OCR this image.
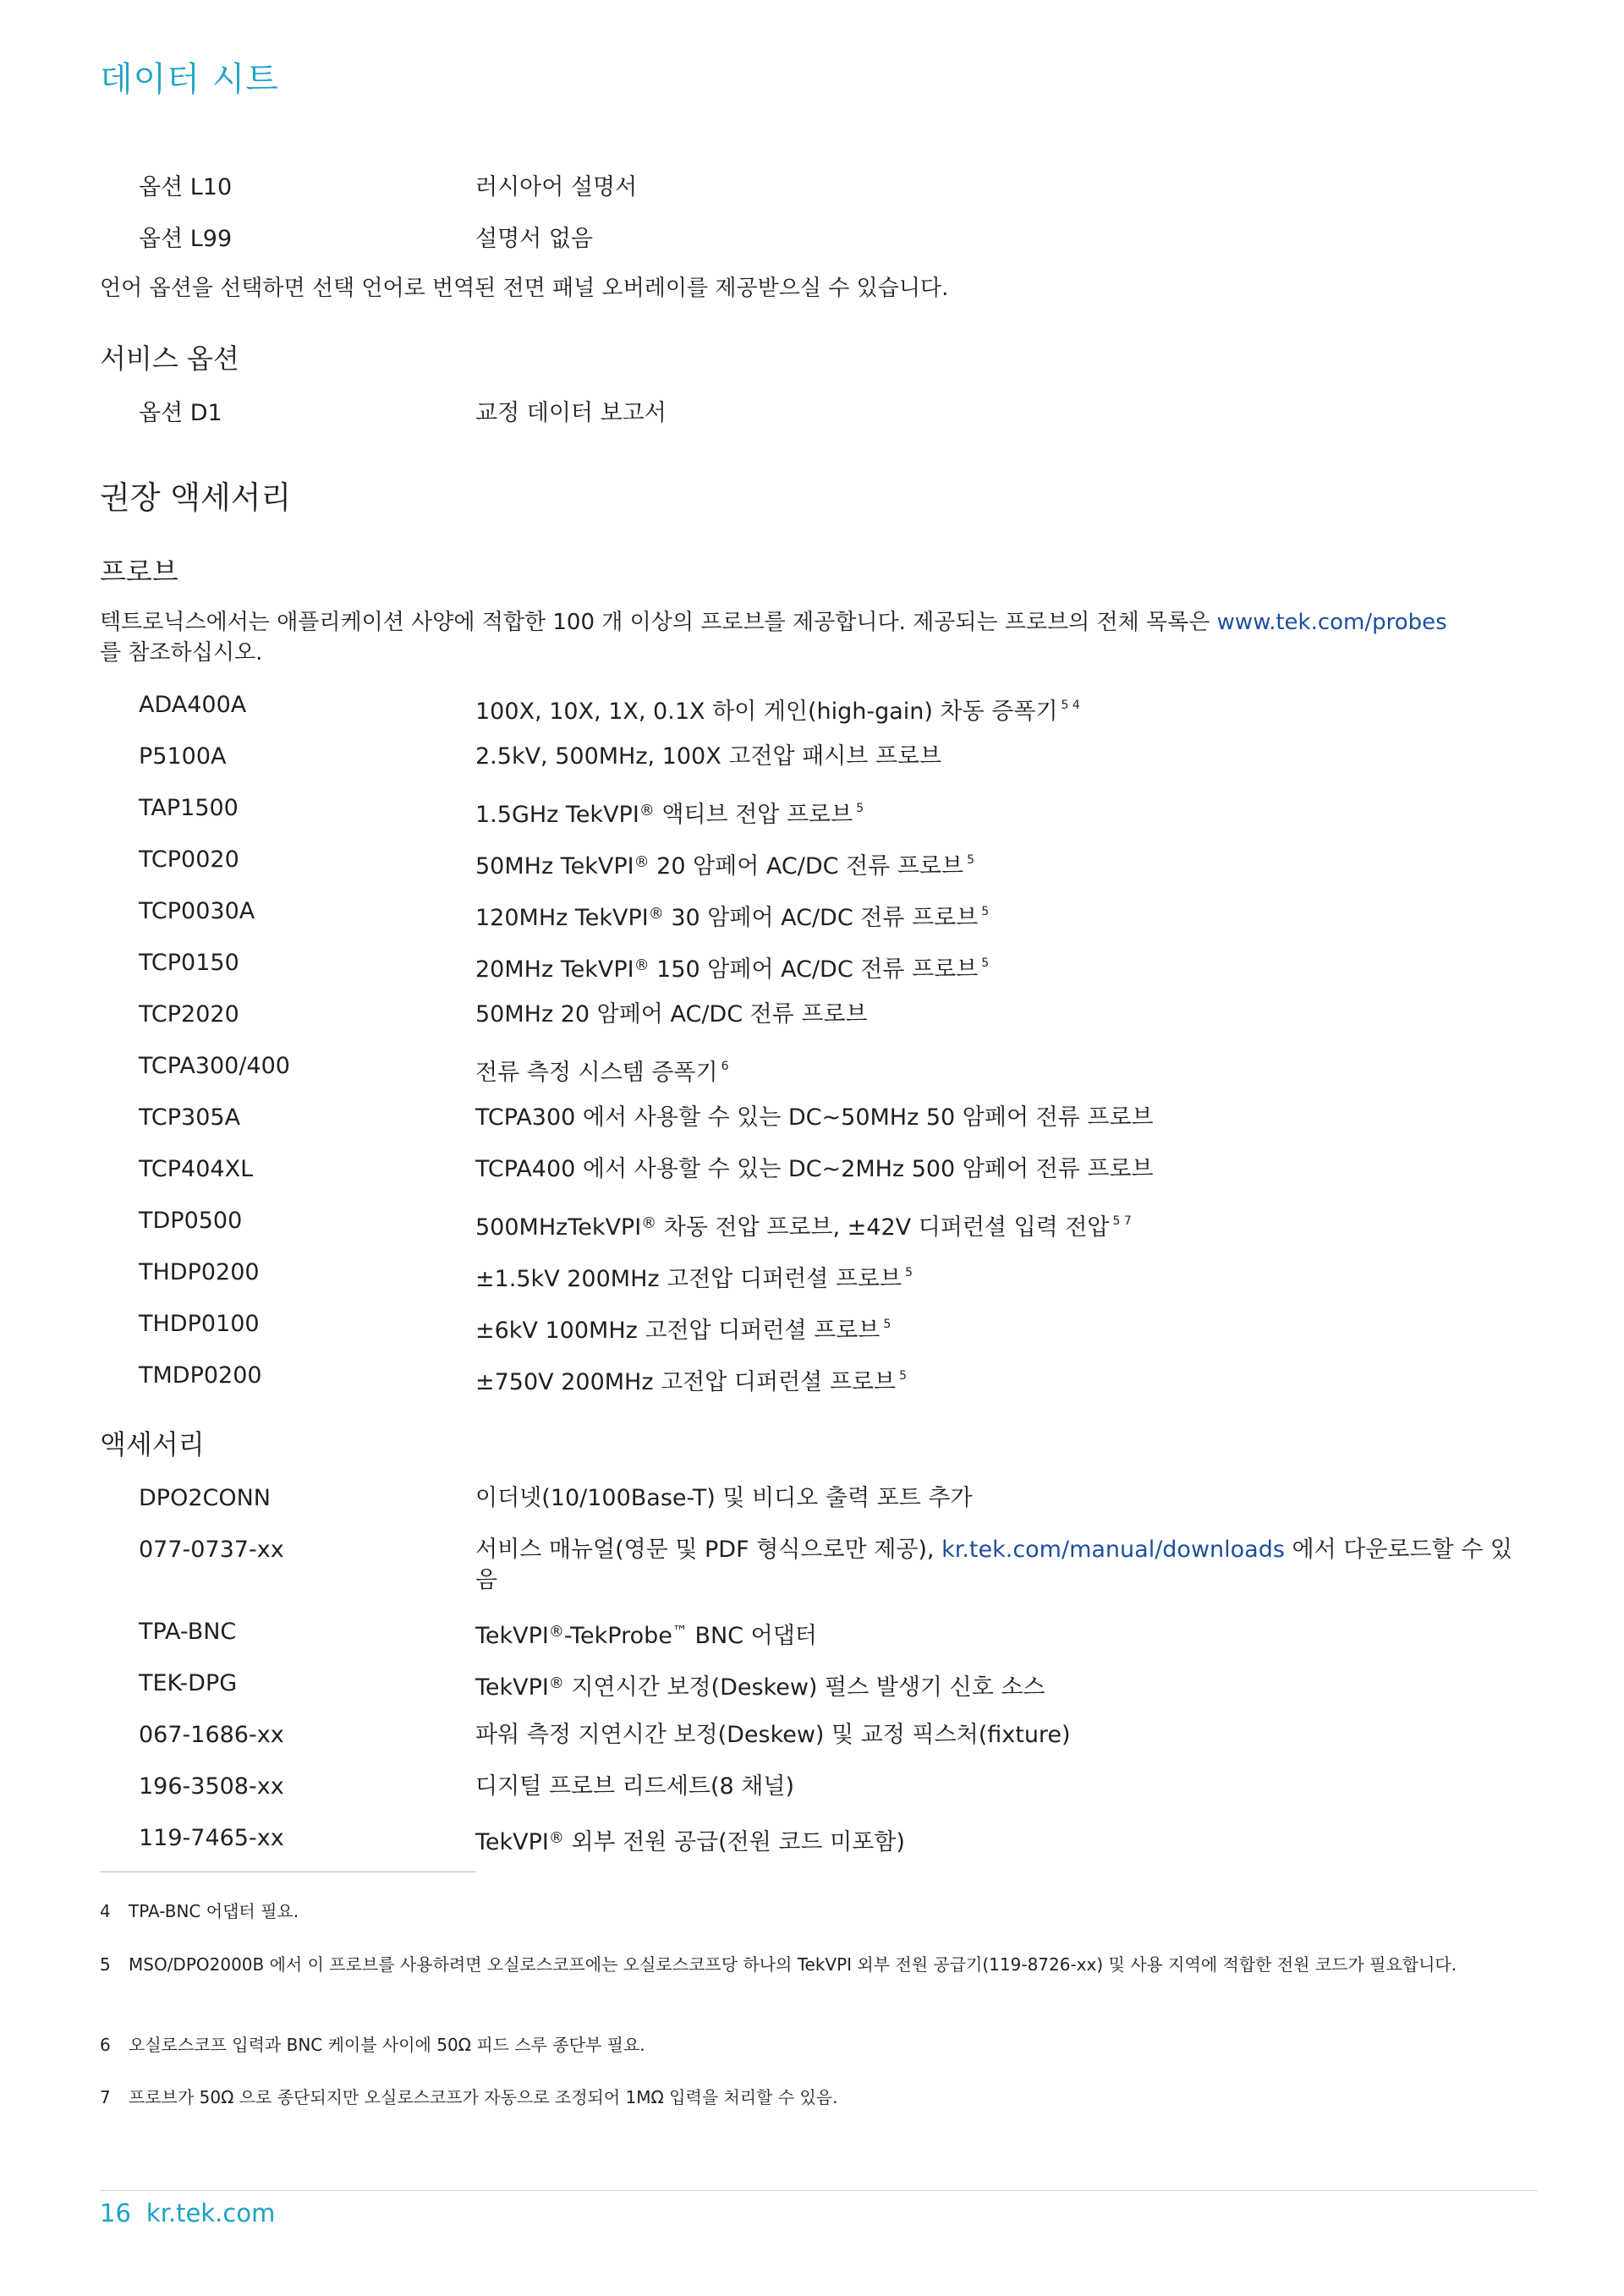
데이터 시트
옵션 L10	러시아어 설명서
옵션 L99	설명서 없음
언어 옵션을 선택하면 선택 언어로 번역된 전면 패널 오버레이를 제공받으실 수 있습니다.
서비스 옵션
옵션 D1	교정 데이터 보고서
권장 액세서리
프로브
텍트로닉스에서는 애플리케이션 사양에 적합한 100 개 이상의 프로브를 제공합니다. 제공되는 프로브의 전체 목록은 www.tek.com/probes
를 참조하십시오.
ADA400A	100X, 10X, 1X, 0.1X 하이 게인(high-gain) 차동 증폭기 $^{5 4}$
P5100A	2.5kV, 500MHz, 100X 고전압 패시브 프로브
TAP1500	1.5GHz TekVPI® 액티브 전압 프로브 $^5$
TCP0020	50MHz TekVPI® 20 암페어 AC/DC 전류 프로브 $^5$
TCP0030A	120MHz TekVPI® 30 암페어 AC/DC 전류 프로브 $^5$
TCP0150	20MHz TekVPI® 150 암페어 AC/DC 전류 프로브 $^5$
TCP2020	50MHz 20 암페어 AC/DC 전류 프로브
TCPA300/400	전류 측정 시스템 증폭기 $^6$
TCP305A	TCPA300 에서 사용할 수 있는 DC~50MHz 50 암페어 전류 프로브
TCP404XL	TCPA400 에서 사용할 수 있는 DC~2MHz 500 암페어 전류 프로브
TDP0500	500MHzTekVPI® 차동 전압 프로브, ±42V 디퍼런셜 입력 전압 $^{5 7}$
THDP0200	±1.5kV 200MHz 고전압 디퍼런셜 프로브 $^5$
THDP0100	±6kV 100MHz 고전압 디퍼런셜 프로브 $^5$
TMDP0200	±750V 200MHz 고전압 디퍼런셜 프로브 $^5$
액세서리
DPO2CONN	이더넷(10/100Base-T) 및 비디오 출력 포트 추가
077-0737-xx	서비스 매뉴얼(영문 및 PDF 형식으로만 제공), kr.tek.com/manual/downloads 에서 다운로드할 수 있음
TPA-BNC	TekVPI®-TekProbe™ BNC 어댑터
TEK-DPG	TekVPI® 지연시간 보정(Deskew) 펄스 발생기 신호 소스
067-1686-xx	파워 측정 지연시간 보정(Deskew) 및 교정 픽스처(fixture)
196-3508-xx	디지털 프로브 리드세트(8 채널)
119-7465-xx	TekVPI® 외부 전원 공급(전원 코드 미포함)
4 TPA-BNC 어댑터 필요.
5 MSO/DPO2000B 에서 이 프로브를 사용하려면 오실로스코프에는 오실로스코프당 하나의 TekVPI 외부 전원 공급기(119-8726-xx) 및 사용 지역에 적합한 전원 코드가 필요합니다.
6 오실로스코프 입력과 BNC 케이블 사이에 50Ω 피드 스루 종단부 필요.
7 프로브가 50Ω 으로 종단되지만 오실로스코프가 자동으로 조정되어 1MΩ 입력을 처리할 수 있음.
16 kr.tek.com
